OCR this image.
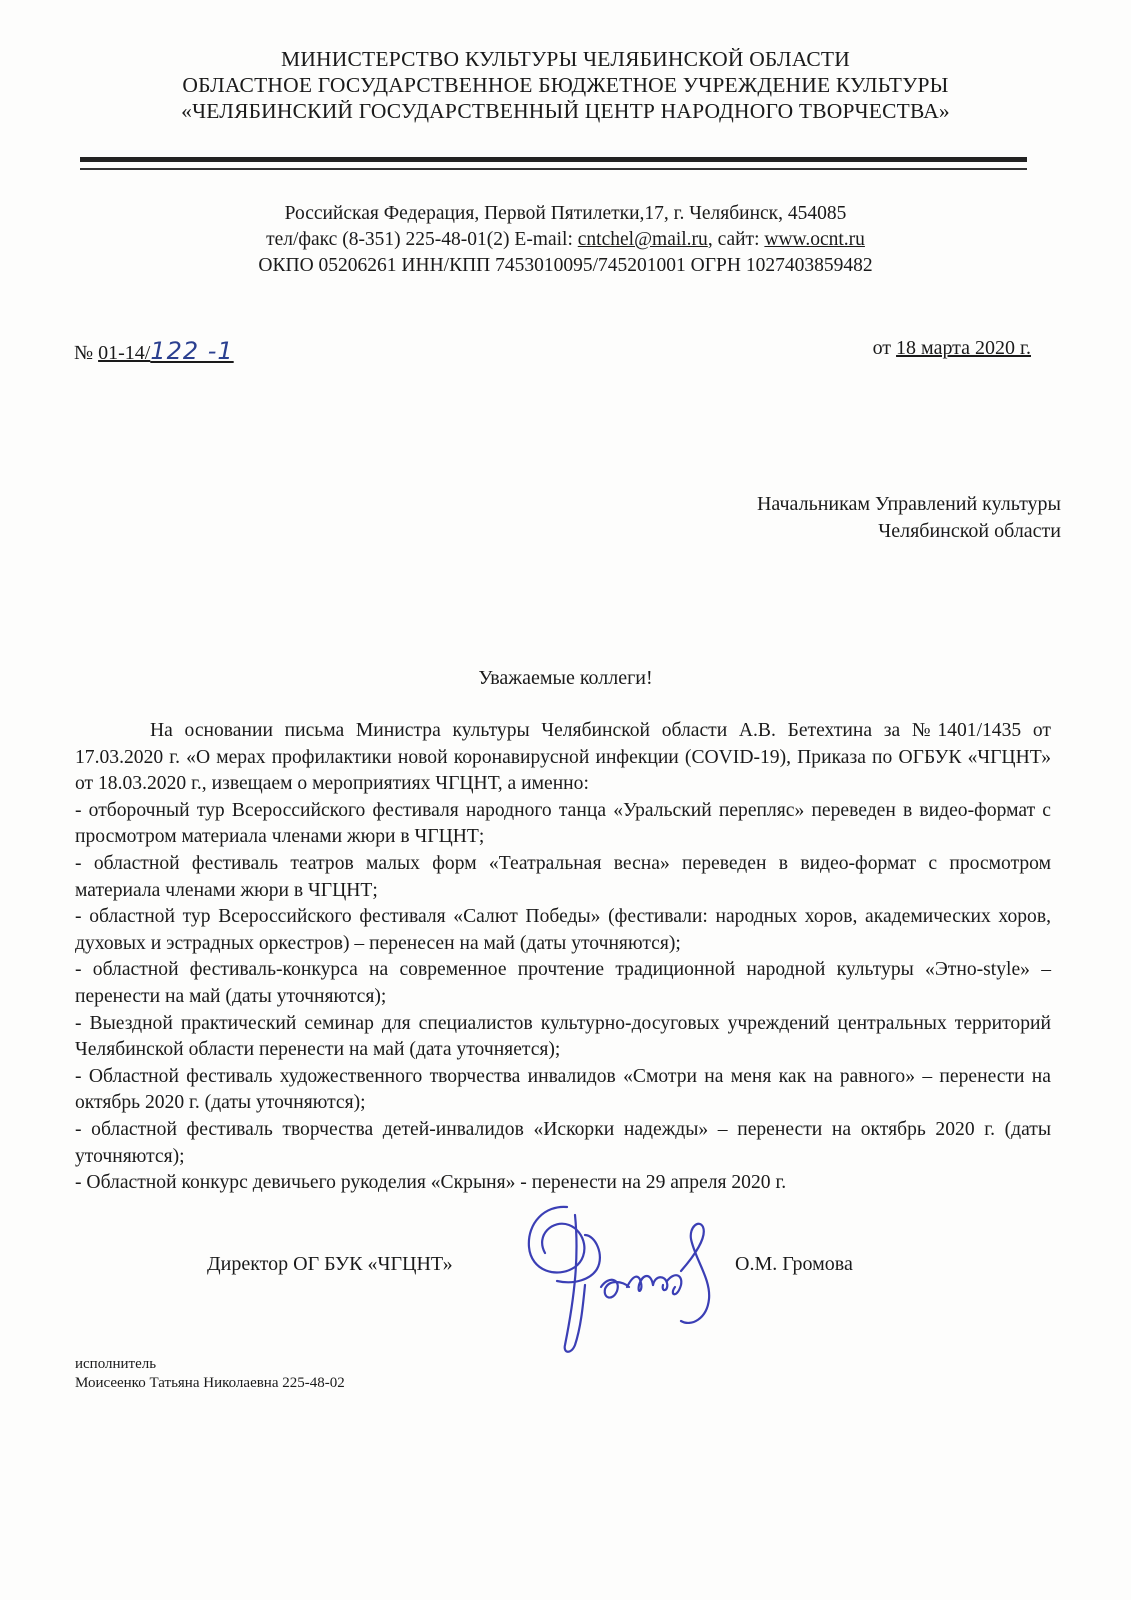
МИНИСТЕРСТВО КУЛЬТУРЫ ЧЕЛЯБИНСКОЙ ОБЛАСТИ
ОБЛАСТНОЕ ГОСУДАРСТВЕННОЕ БЮДЖЕТНОЕ УЧРЕЖДЕНИЕ КУЛЬТУРЫ
«ЧЕЛЯБИНСКИЙ ГОСУДАРСТВЕННЫЙ ЦЕНТР НАРОДНОГО ТВОРЧЕСТВА»
Российская Федерация, Первой Пятилетки,17, г. Челябинск, 454085
тел/факс (8-351) 225-48-01(2) E-mail: cntchel@mail.ru, сайт: www.ocnt.ru
ОКПО 05206261 ИНН/КПП 7453010095/745201001 ОГРН 1027403859482
№ 01-14/122 -1	от 18 марта 2020 г.
Начальникам Управлений культуры
Челябинской области
Уважаемые коллеги!

На основании письма Министра культуры Челябинской области А.В. Бетехтина за №1401/1435 от 17.03.2020 г. «О мерах профилактики новой коронавирусной инфекции (COVID-19), Приказа по ОГБУК «ЧГЦНТ» от 18.03.2020 г., извещаем о мероприятиях ЧГЦНТ, а именно:

- отборочный тур Всероссийского фестиваля народного танца «Уральский перепляс» переведен в видео-формат с просмотром материала членами жюри в ЧГЦНТ;

- областной фестиваль театров малых форм «Театральная весна» переведен в видео-формат с просмотром материала членами жюри в ЧГЦНТ;

- областной тур Всероссийского фестиваля «Салют Победы» (фестивали: народных хоров, академических хоров, духовых и эстрадных оркестров) – перенесен на май (даты уточняются);

- областной фестиваль-конкурса на современное прочтение традиционной народной культуры «Этно-style» – перенести на май (даты уточняются);

- Выездной практический семинар для специалистов культурно-досуговых учреждений центральных территорий Челябинской области перенести на май (дата уточняется);

- Областной фестиваль художественного творчества инвалидов «Смотри на меня как на равного» – перенести на октябрь 2020 г. (даты уточняются);

- областной фестиваль творчества детей-инвалидов «Искорки надежды» – перенести на октябрь 2020 г. (даты уточняются);

- Областной конкурс девичьего рукоделия «Скрыня» - перенести на 29 апреля 2020 г.

Директор ОГ БУК «ЧГЦНТ»	О.М. Громова
исполнитель
Моисеенко Татьяна Николаевна 225-48-02
